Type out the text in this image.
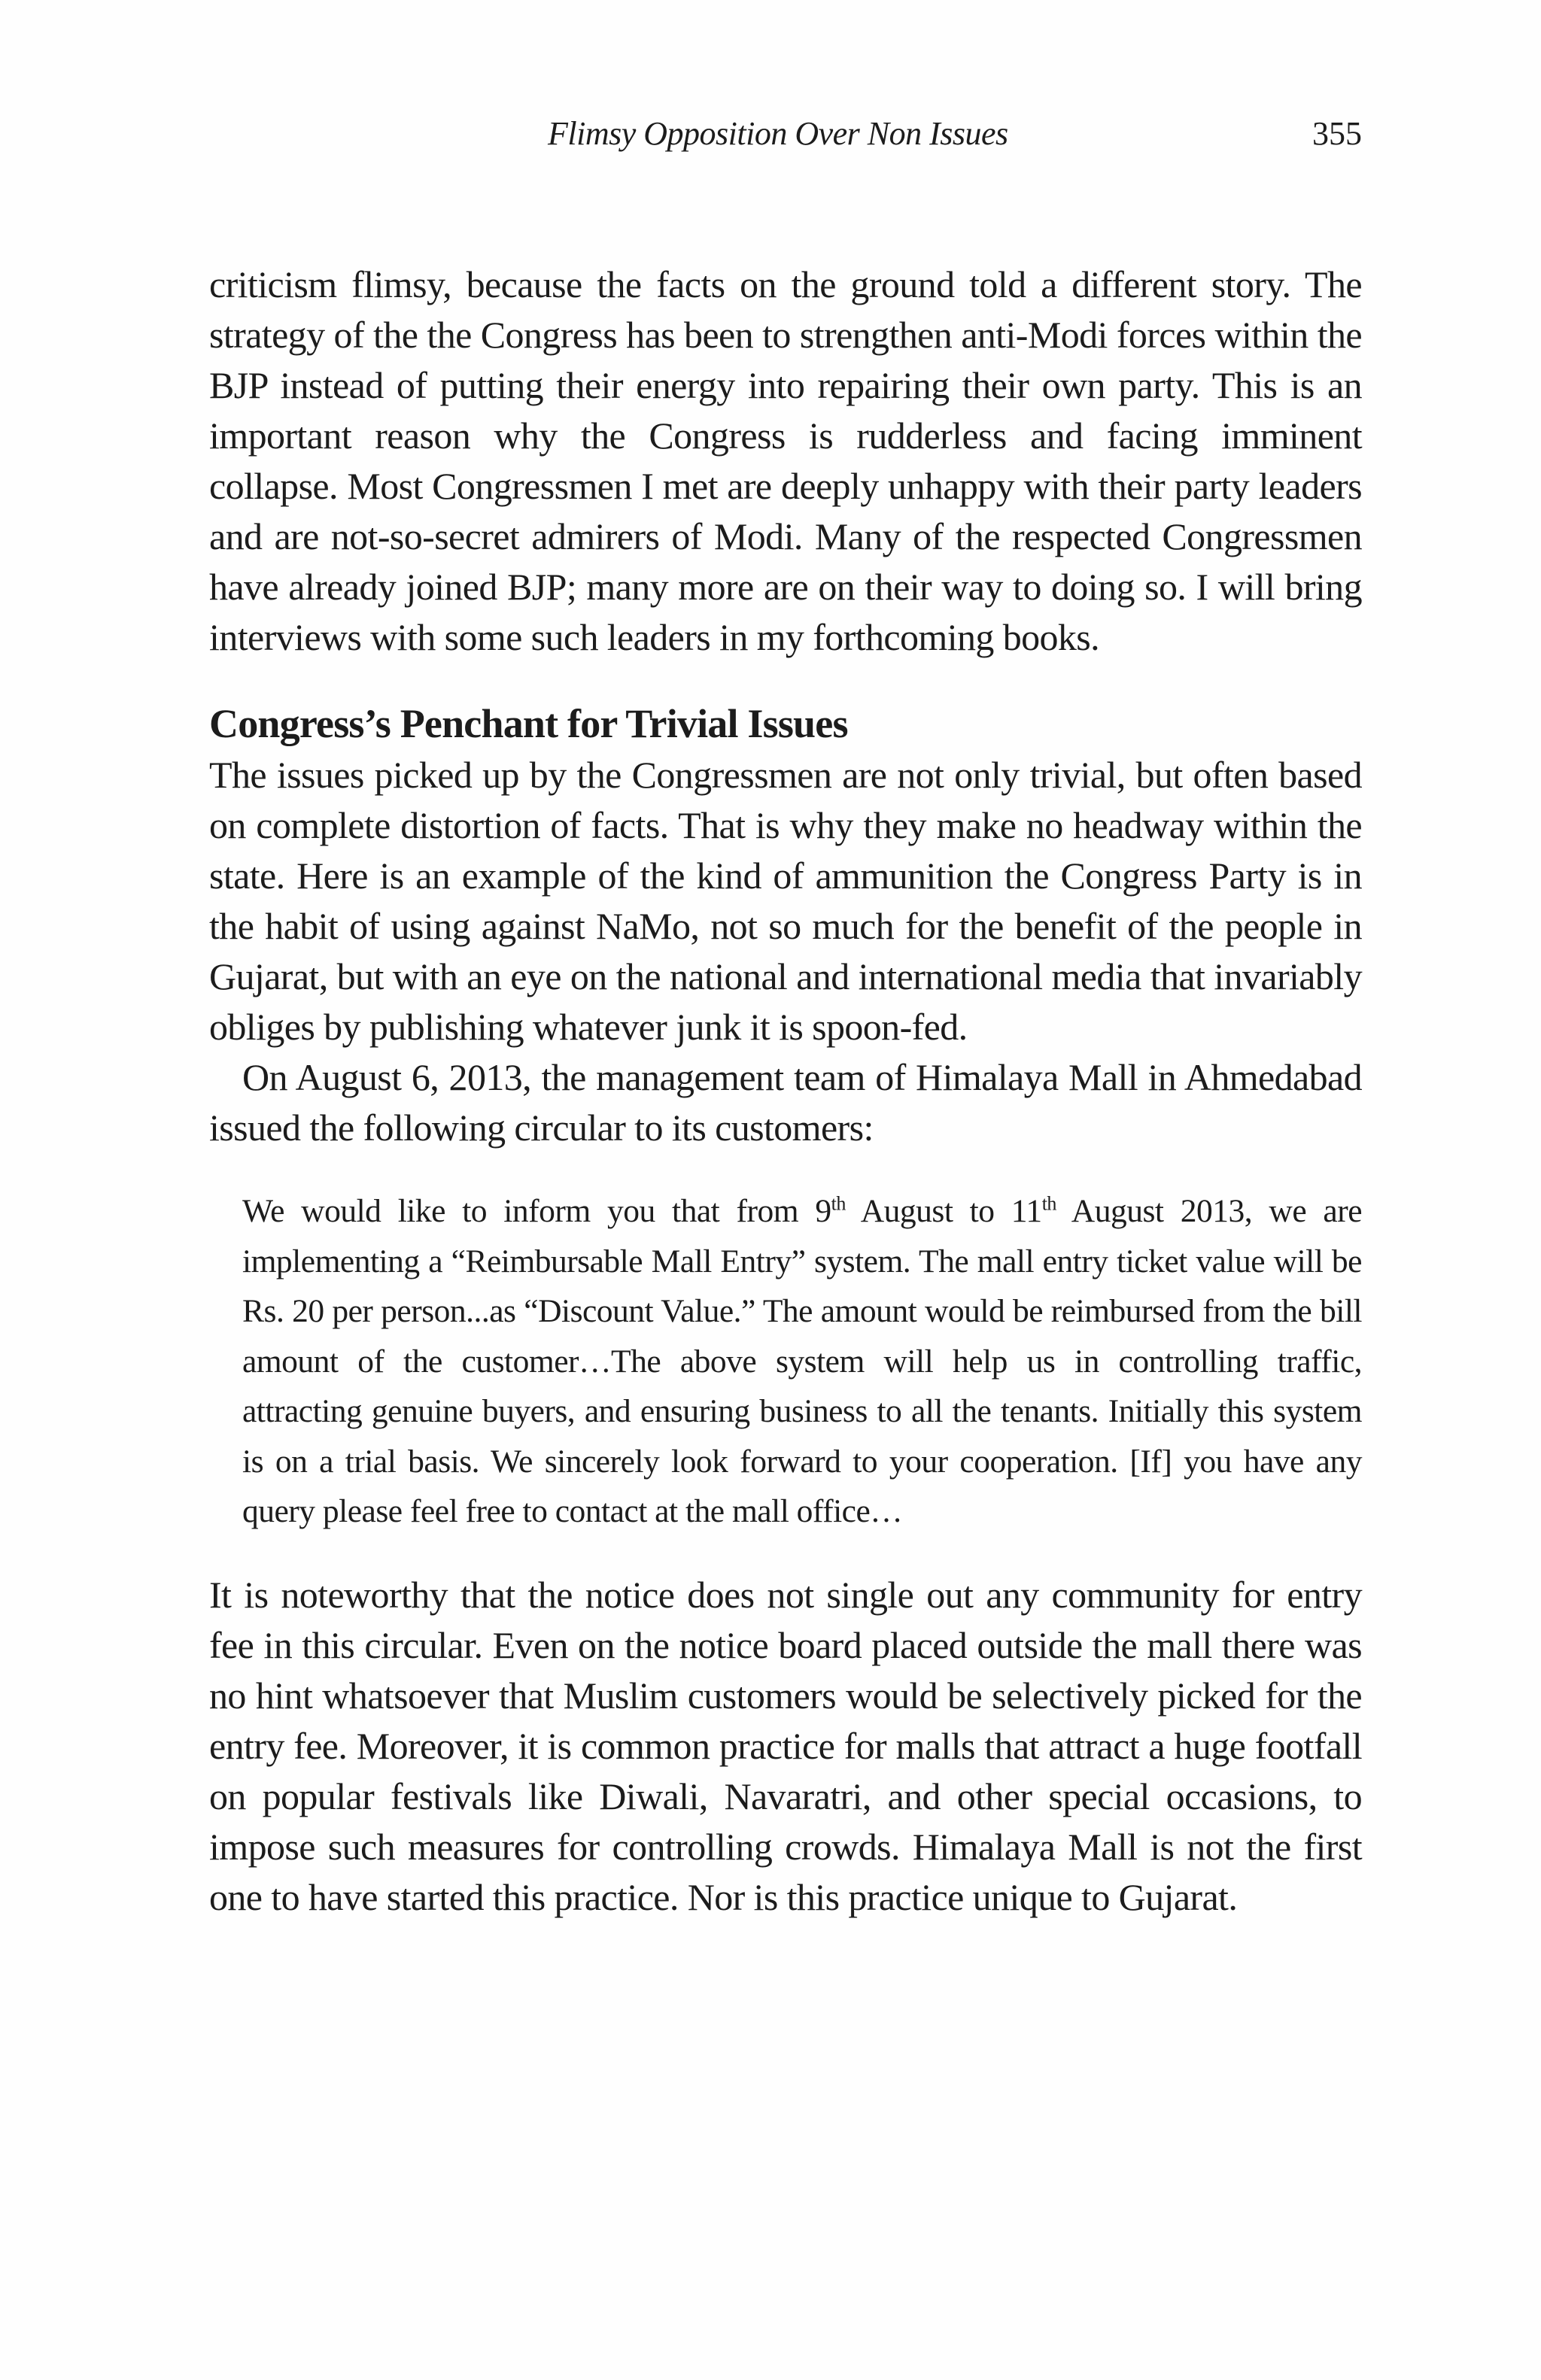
Flimsy Opposition Over Non Issues	355

criticism flimsy, because the facts on the ground told a different story. The strategy of the the Congress has been to strengthen anti-Modi forces within the BJP instead of putting their energy into repairing their own party. This is an important reason why the Congress is rudderless and facing imminent collapse. Most Congressmen I met are deeply unhappy with their party leaders and are not-so-secret admirers of Modi. Many of the respected Congressmen have already joined BJP; many more are on their way to doing so. I will bring interviews with some such leaders in my forthcoming books.

Congress’s Penchant for Trivial Issues

The issues picked up by the Congressmen are not only trivial, but often based on complete distortion of facts. That is why they make no headway within the state. Here is an example of the kind of ammunition the Congress Party is in the habit of using against NaMo, not so much for the benefit of the people in Gujarat, but with an eye on the national and international media that invariably obliges by publishing whatever junk it is spoon-fed.

On August 6, 2013, the management team of Himalaya Mall in Ahmedabad issued the following circular to its customers:

We would like to inform you that from 9th August to 11th August 2013, we are implementing a “Reimbursable Mall Entry” system. The mall entry ticket value will be Rs. 20 per person...as “Discount Value.” The amount would be reimbursed from the bill amount of the customer…The above system will help us in controlling traffic, attracting genuine buyers, and ensuring business to all the tenants. Initially this system is on a trial basis. We sincerely look forward to your cooperation. [If] you have any query please feel free to contact at the mall office…

It is noteworthy that the notice does not single out any community for entry fee in this circular. Even on the notice board placed outside the mall there was no hint whatsoever that Muslim customers would be selectively picked for the entry fee. Moreover, it is common practice for malls that attract a huge footfall on popular festivals like Diwali, Navaratri, and other special occasions, to impose such measures for controlling crowds. Himalaya Mall is not the first one to have started this practice. Nor is this practice unique to Gujarat.
